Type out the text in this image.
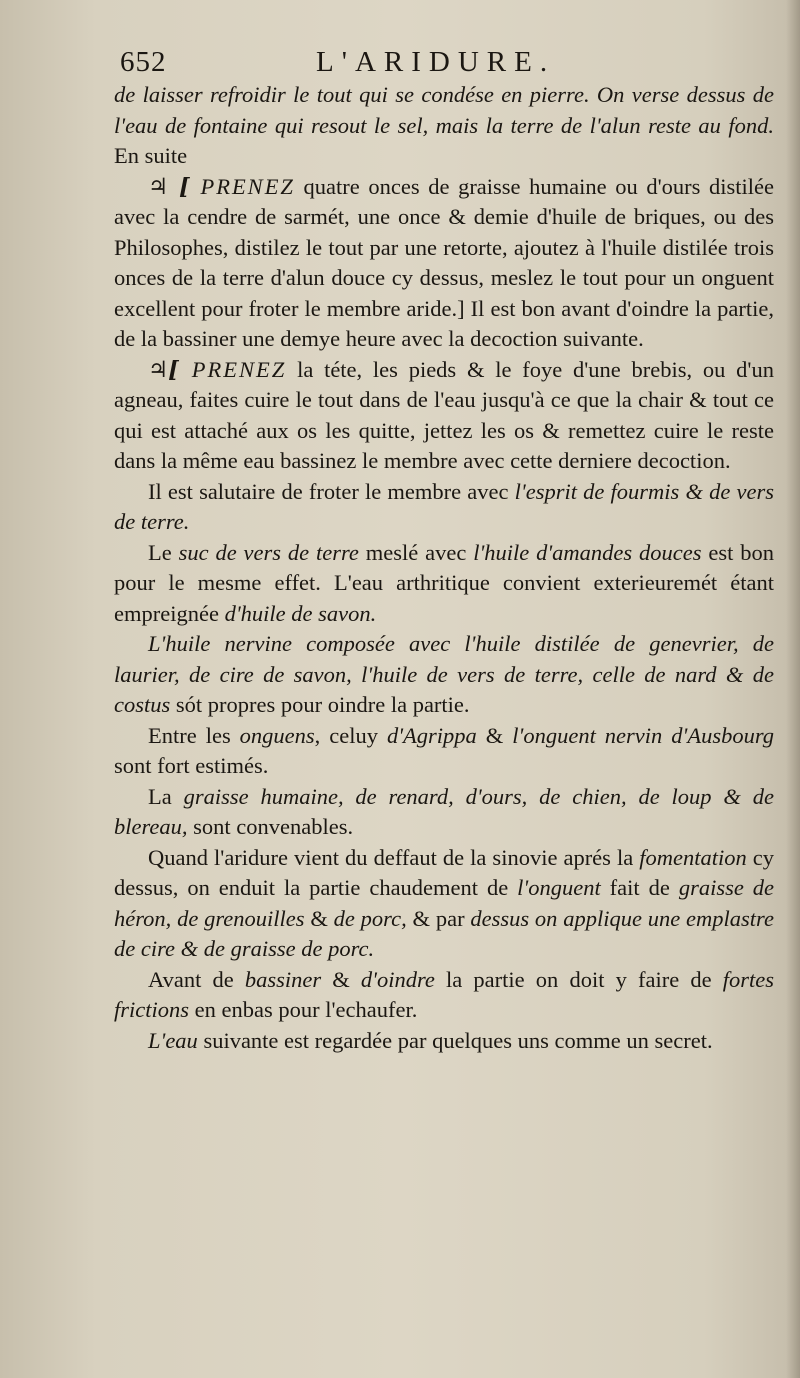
652	L'ARIDURE.

de laisser refroidir le tout qui se condése en pierre. On verse dessus de l'eau de fontaine qui resout le sel, mais la terre de l'alun reste au fond. En suite

♃ [ PRENEZ quatre onces de graisse humaine ou d'ours distilée avec la cendre de sarmét, une once & demie d'huile de briques, ou des Philosophes, distilez le tout par une retorte, ajoutez à l'huile distilée trois onces de la terre d'alun douce cy dessus, meslez le tout pour un onguent excellent pour froter le membre aride.] Il est bon avant d'oindre la partie, de la bassiner une demye heure avec la decoction suivante.

♃[ PRENEZ la téte, les pieds & le foye d'une brebis, ou d'un agneau, faites cuire le tout dans de l'eau jusqu'à ce que la chair & tout ce qui est attaché aux os les quitte, jettez les os & remettez cuire le reste dans la même eau bassinez le membre avec cette derniere decoction.

Il est salutaire de froter le membre avec l'esprit de fourmis & de vers de terre.

Le suc de vers de terre meslé avec l'huile d'amandes douces est bon pour le mesme effet. L'eau arthritique convient exterieuremét étant empreignée d'huile de savon.

L'huile nervine composée avec l'huile distilée de genevrier, de laurier, de cire de savon, l'huile de vers de terre, celle de nard & de costus sót propres pour oindre la partie.

Entre les onguens, celuy d'Agrippa & l'onguent nervin d'Ausbourg sont fort estimés.

La graisse humaine, de renard, d'ours, de chien, de loup & de blereau, sont convenables.

Quand l'aridure vient du deffaut de la sinovie aprés la fomentation cy dessus, on enduit la partie chaudement de l'onguent fait de graisse de héron, de grenouilles & de porc, & par dessus on applique une emplastre de cire & de graisse de porc.

Avant de bassiner & d'oindre la partie on doit y faire de fortes frictions en enbas pour l'echaufer.

L'eau suivante est regardée par quelques uns comme un secret.
